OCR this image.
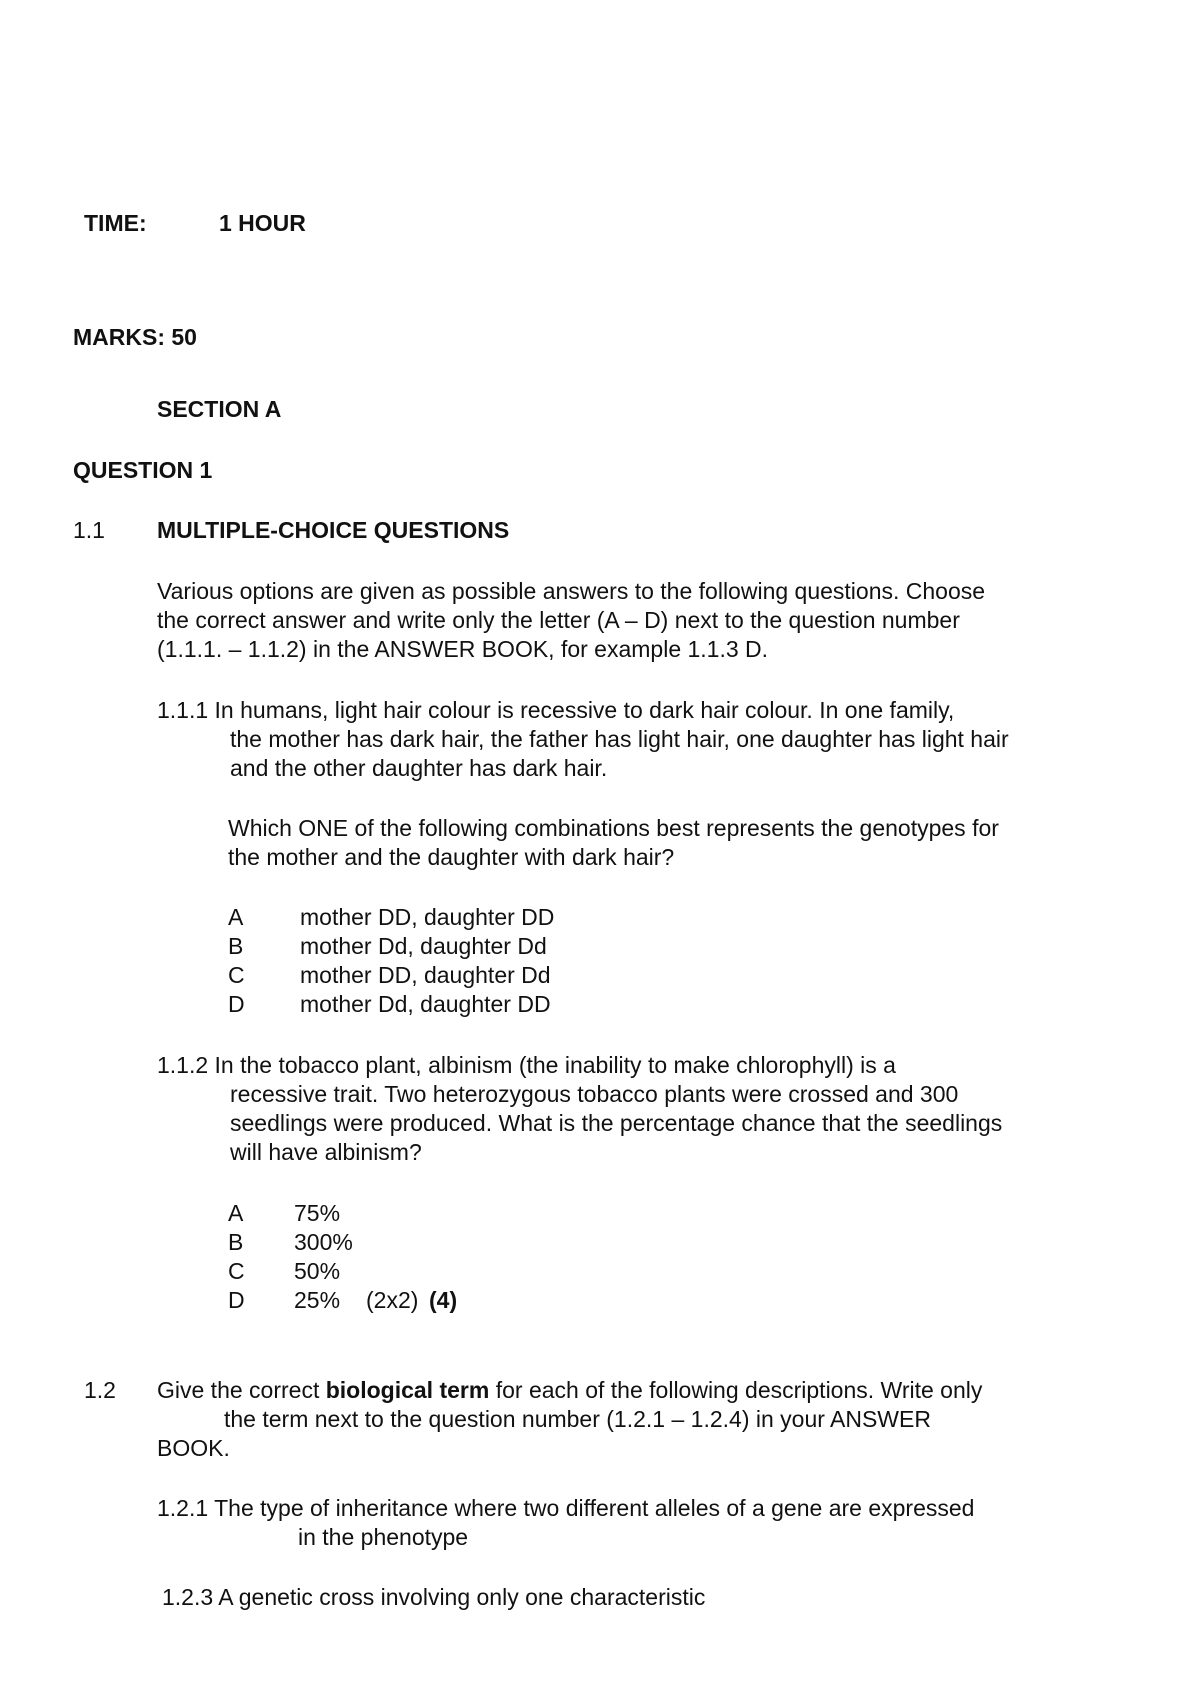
TIME:	1 HOUR
MARKS: 50
SECTION A
QUESTION 1
1.1 MULTIPLE-CHOICE QUESTIONS
Various options are given as possible answers to the following questions. Choose
the correct answer and write only the letter (A – D) next to the question number
(1.1.1. – 1.1.2) in the ANSWER BOOK, for example 1.1.3 D.
1.1.1 In humans, light hair colour is recessive to dark hair colour. In one family,
the mother has dark hair, the father has light hair, one daughter has light hair
and the other daughter has dark hair.
Which ONE of the following combinations best represents the genotypes for
the mother and the daughter with dark hair?
A mother DD, daughter DD
B mother Dd, daughter Dd
C mother DD, daughter Dd
D mother Dd, daughter DD
1.1.2 In the tobacco plant, albinism (the inability to make chlorophyll) is a
recessive trait. Two heterozygous tobacco plants were crossed and 300
seedlings were produced. What is the percentage chance that the seedlings
will have albinism?
A 75%
B 300%
C 50%
D 25% (2x2) (4)
1.2 Give the correct biological term for each of the following descriptions. Write only
the term next to the question number (1.2.1 – 1.2.4) in your ANSWER
BOOK.
1.2.1 The type of inheritance where two different alleles of a gene are expressed
in the phenotype
1.2.3 A genetic cross involving only one characteristic
